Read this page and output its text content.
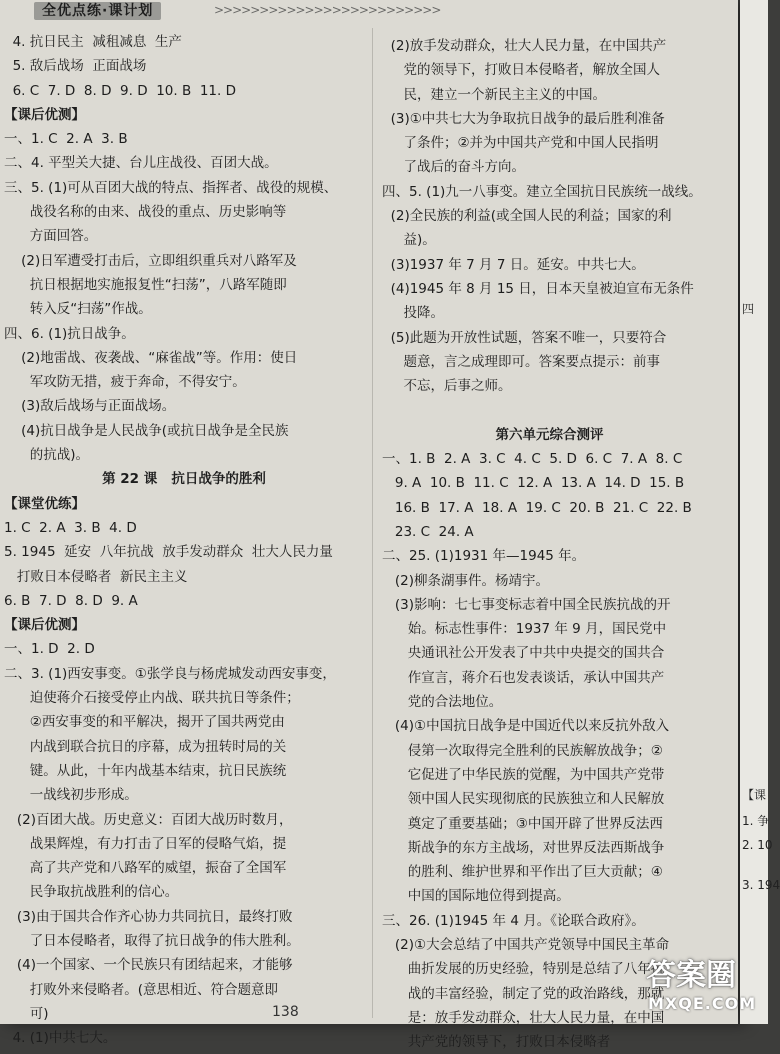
全优点练·课计划	>>>>>>>>>>>>>>>>>>>>>>>>>
4. 抗日民主  减租减息  生产
5. 敌后战场  正面战场
6. C  7. D  8. D  9. D  10. B  11. D
【课后优测】
一、1. C  2. A  3. B
二、4. 平型关大捷、台儿庄战役、百团大战。
三、5. (1)可从百团大战的特点、指挥者、战役的规模、
战役名称的由来、战役的重点、历史影响等
方面回答。
(2)日军遭受打击后，立即组织重兵对八路军及
抗日根据地实施报复性“扫荡”，八路军随即
转入反“扫荡”作战。
四、6. (1)抗日战争。
(2)地雷战、夜袭战、“麻雀战”等。作用：使日
军攻防无措，疲于奔命，不得安宁。
(3)敌后战场与正面战场。
(4)抗日战争是人民战争(或抗日战争是全民族
的抗战)。
第 22 课   抗日战争的胜利
【课堂优练】
1. C  2. A  3. B  4. D
5. 1945  延安  八年抗战  放手发动群众  壮大人民力量
打败日本侵略者  新民主主义
6. B  7. D  8. D  9. A
【课后优测】
一、1. D  2. D
二、3. (1)西安事变。①张学良与杨虎城发动西安事变，
迫使蒋介石接受停止内战、联共抗日等条件；
②西安事变的和平解决，揭开了国共两党由
内战到联合抗日的序幕，成为扭转时局的关
键。从此，十年内战基本结束，抗日民族统
一战线初步形成。
(2)百团大战。历史意义：百团大战历时数月，
战果辉煌，有力打击了日军的侵略气焰，提
高了共产党和八路军的威望，振奋了全国军
民争取抗战胜利的信心。
(3)由于国共合作齐心协力共同抗日，最终打败
了日本侵略者，取得了抗日战争的伟大胜利。
(4)一个国家、一个民族只有团结起来，才能够
打败外来侵略者。(意思相近、符合题意即
可)
4. (1)中共七大。
(2)放手发动群众，壮大人民力量，在中国共产
党的领导下，打败日本侵略者，解放全国人
民，建立一个新民主主义的中国。
(3)①中共七大为争取抗日战争的最后胜利准备
了条件；②并为中国共产党和中国人民指明
了战后的奋斗方向。
四、5. (1)九一八事变。建立全国抗日民族统一战线。
(2)全民族的利益(或全国人民的利益；国家的利
益)。
(3)1937 年 7 月 7 日。延安。中共七大。
(4)1945 年 8 月 15 日，日本天皇被迫宣布无条件
投降。
(5)此题为开放性试题，答案不唯一，只要符合
题意，言之成理即可。答案要点提示：前事
不忘，后事之师。
第六单元综合测评
一、1. B  2. A  3. C  4. C  5. D  6. C  7. A  8. C
9. A  10. B  11. C  12. A  13. A  14. D  15. B
16. B  17. A  18. A  19. C  20. B  21. C  22. B
23. C  24. A
二、25. (1)1931 年—1945 年。
(2)柳条湖事件。杨靖宇。
(3)影响：七七事变标志着中国全民族抗战的开
始。标志性事件：1937 年 9 月，国民党中
央通讯社公开发表了中共中央提交的国共合
作宣言，蒋介石也发表谈话，承认中国共产
党的合法地位。
(4)①中国抗日战争是中国近代以来反抗外敌入
侵第一次取得完全胜利的民族解放战争；②
它促进了中华民族的觉醒，为中国共产党带
领中国人民实现彻底的民族独立和人民解放
奠定了重要基础；③中国开辟了世界反法西
斯战争的东方主战场，对世界反法西斯战争
的胜利、维护世界和平作出了巨大贡献；④
中国的国际地位得到提高。
三、26. (1)1945 年 4 月。《论联合政府》。
(2)①大会总结了中国共产党领导中国民主革命
曲折发展的历史经验，特别是总结了八年抗
战的丰富经验，制定了党的政治路线，那就
是：放手发动群众，壮大人民力量，在中国
共产党的领导下，打败日本侵略者
138
四
【课
1. 争
2. 10
3. 194
答案圈
MXQE.COM
